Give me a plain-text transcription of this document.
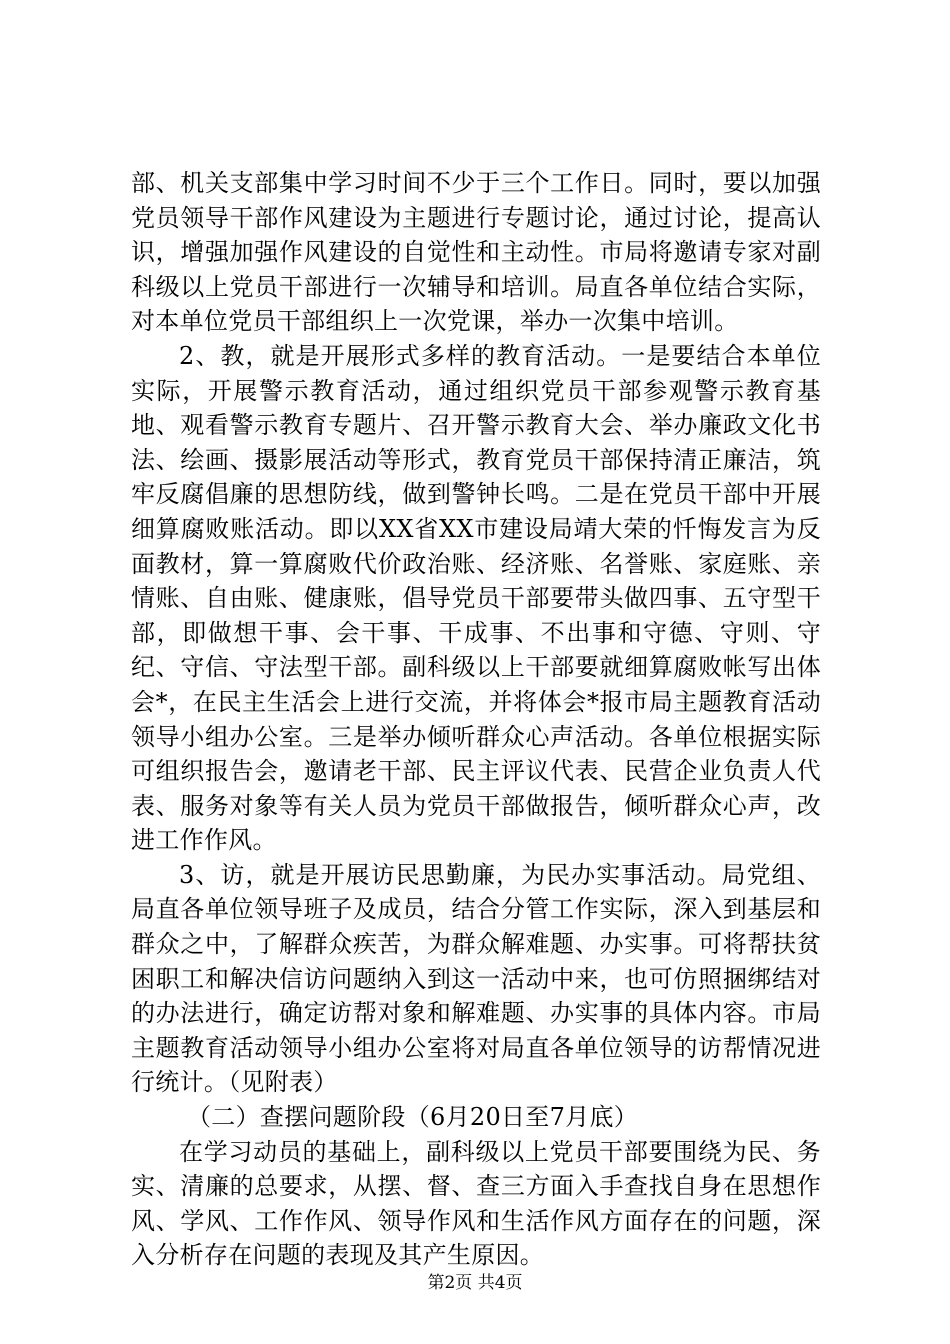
部、机关支部集中学习时间不少于三个工作日。同时，要以加强党员领导干部作风建设为主题进行专题讨论，通过讨论，提高认识，增强加强作风建设的自觉性和主动性。市局将邀请专家对副科级以上党员干部进行一次辅导和培训。局直各单位结合实际，对本单位党员干部组织上一次党课，举办一次集中培训。

2、教，就是开展形式多样的教育活动。一是要结合本单位实际，开展警示教育活动，通过组织党员干部参观警示教育基地、观看警示教育专题片、召开警示教育大会、举办廉政文化书法、绘画、摄影展活动等形式，教育党员干部保持清正廉洁，筑牢反腐倡廉的思想防线，做到警钟长鸣。二是在党员干部中开展细算腐败账活动。即以XX省XX市建设局靖大荣的忏悔发言为反面教材，算一算腐败代价政治账、经济账、名誉账、家庭账、亲情账、自由账、健康账，倡导党员干部要带头做四事、五守型干部，即做想干事、会干事、干成事、不出事和守德、守则、守纪、守信、守法型干部。副科级以上干部要就细算腐败帐写出体会*，在民主生活会上进行交流，并将体会*报市局主题教育活动领导小组办公室。三是举办倾听群众心声活动。各单位根据实际可组织报告会，邀请老干部、民主评议代表、民营企业负责人代表、服务对象等有关人员为党员干部做报告，倾听群众心声，改进工作作风。

3、访，就是开展访民思勤廉，为民办实事活动。局党组、局直各单位领导班子及成员，结合分管工作实际，深入到基层和群众之中，了解群众疾苦，为群众解难题、办实事。可将帮扶贫困职工和解决信访问题纳入到这一活动中来，也可仿照捆绑结对的办法进行，确定访帮对象和解难题、办实事的具体内容。市局主题教育活动领导小组办公室将对局直各单位领导的访帮情况进行统计。（见附表）

（二）查摆问题阶段（6月20日至7月底）

在学习动员的基础上，副科级以上党员干部要围绕为民、务实、清廉的总要求，从摆、督、查三方面入手查找自身在思想作风、学风、工作作风、领导作风和生活作风方面存在的问题，深入分析存在问题的表现及其产生原因。

第2页 共4页
